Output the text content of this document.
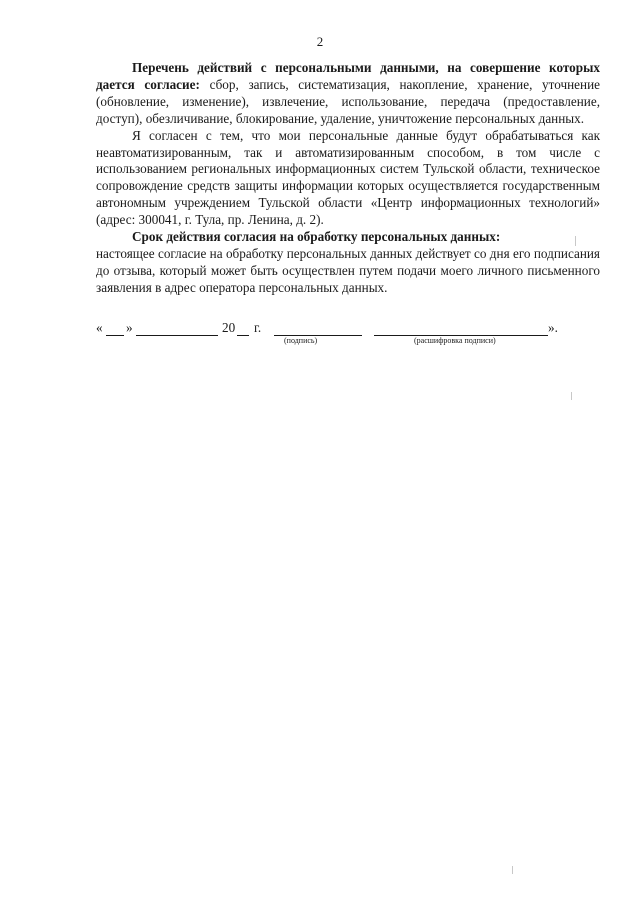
2

Перечень действий с персональными данными, на совершение которых дается согласие: сбор, запись, систематизация, накопление, хранение, уточнение (обновление, изменение), извлечение, использование, передача (предоставление, доступ), обезличивание, блокирование, удаление, уничтожение персональных данных.

Я согласен с тем, что мои персональные данные будут обрабатываться как неавтоматизированным, так и автоматизированным способом, в том числе с использованием региональных информационных систем Тульской области, техническое сопровождение средств защиты информации которых осуществляется государственным автономным учреждением Тульской области «Центр информационных технологий» (адрес: 300041, г. Тула, пр. Ленина, д. 2).

Срок действия согласия на обработку персональных данных:

настоящее согласие на обработку персональных данных действует со дня его подписания до отзыва, который может быть осуществлен путем подачи моего личного письменного заявления в адрес оператора персональных данных.

« »	20 г.	».
(подпись)	(расшифровка подписи)
